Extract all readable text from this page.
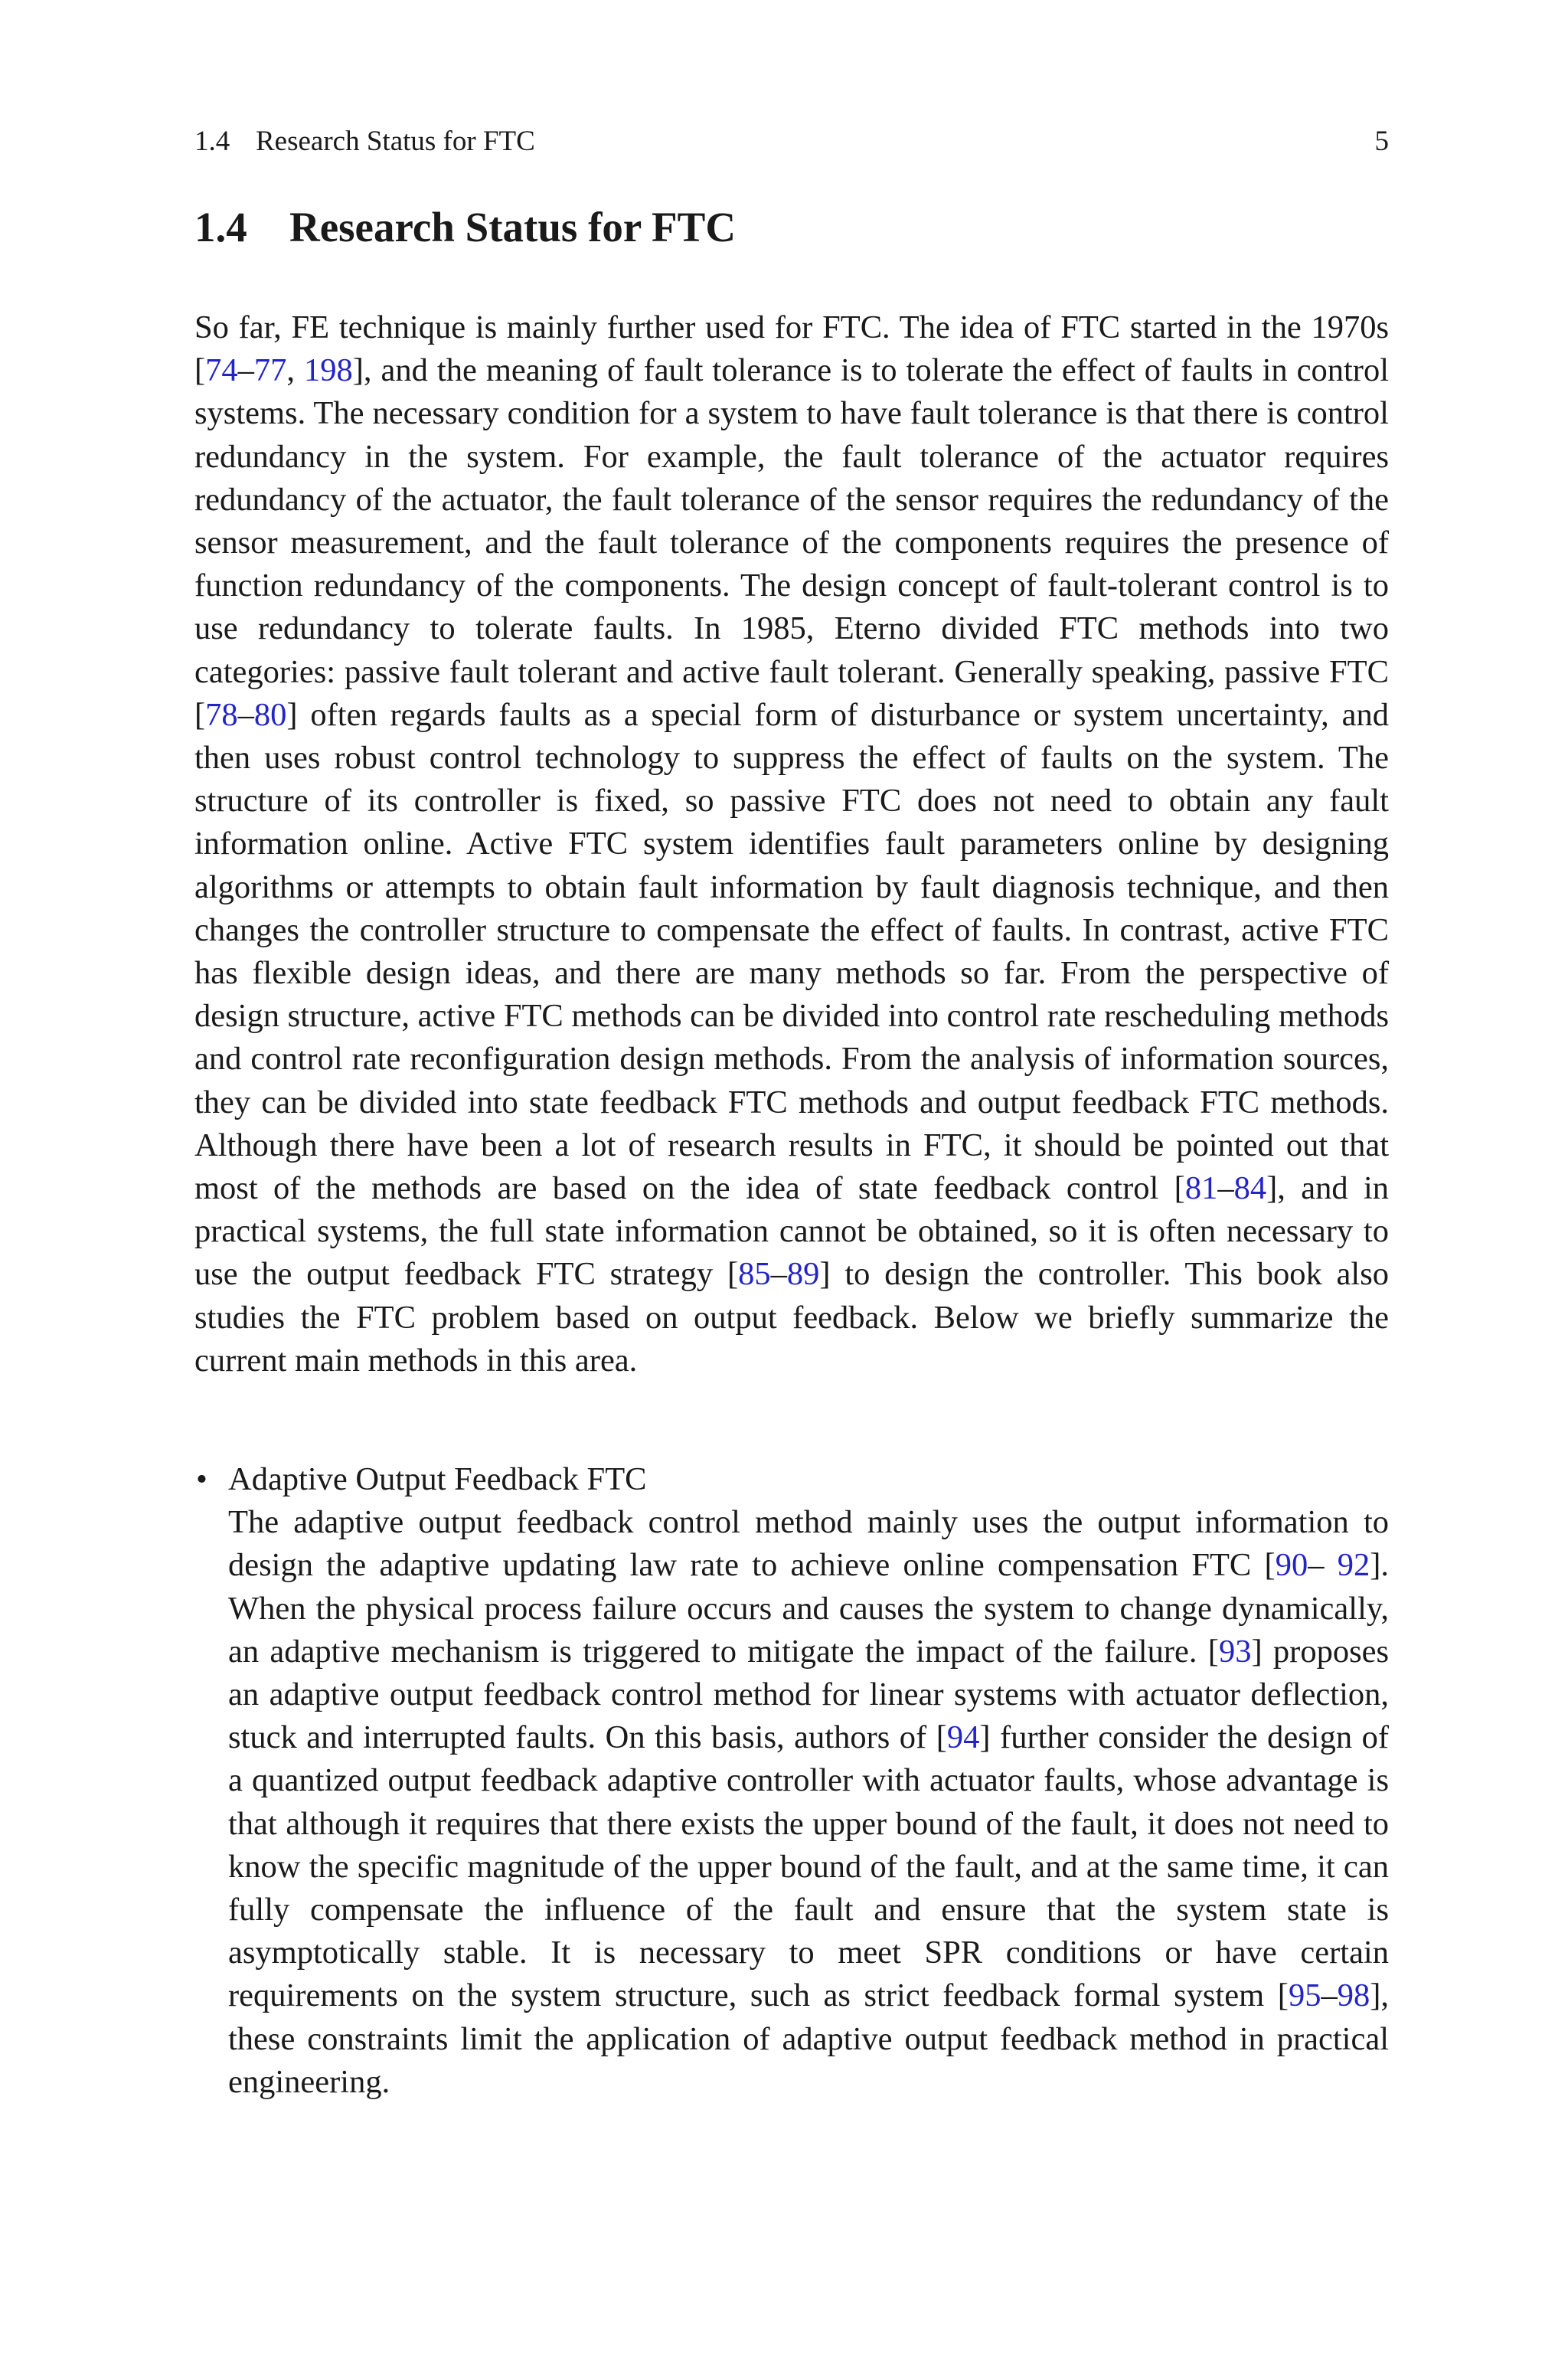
1.4 Research Status for FTC	5
1.4 Research Status for FTC

So far, FE technique is mainly further used for FTC. The idea of FTC started in the 1970s [74–77, 198], and the meaning of fault tolerance is to tolerate the effect of faults in control systems. The necessary condition for a system to have fault tolerance is that there is control redundancy in the system. For example, the fault tolerance of the actuator requires redundancy of the actuator, the fault tolerance of the sensor requires the redundancy of the sensor measurement, and the fault tolerance of the components requires the presence of function redundancy of the components. The design concept of fault-tolerant control is to use redundancy to tolerate faults. In 1985, Eterno divided FTC methods into two categories: passive fault tolerant and active fault tolerant. Generally speaking, passive FTC [78–80] often regards faults as a special form of disturbance or system uncertainty, and then uses robust control technology to suppress the effect of faults on the system. The structure of its controller is fixed, so passive FTC does not need to obtain any fault information online. Active FTC system identifies fault parameters online by designing algorithms or attempts to obtain fault information by fault diagnosis technique, and then changes the controller structure to compensate the effect of faults. In contrast, active FTC has flexible design ideas, and there are many methods so far. From the perspective of design structure, active FTC methods can be divided into control rate rescheduling methods and control rate reconfiguration design methods. From the analysis of information sources, they can be divided into state feedback FTC methods and output feedback FTC methods. Although there have been a lot of research results in FTC, it should be pointed out that most of the methods are based on the idea of state feedback control [81–84], and in practical systems, the full state information cannot be obtained, so it is often necessary to use the output feedback FTC strategy [85–89] to design the controller. This book also studies the FTC problem based on output feedback. Below we briefly summarize the current main methods in this area.

• Adaptive Output Feedback FTC

The adaptive output feedback control method mainly uses the output information to design the adaptive updating law rate to achieve online compensation FTC [90– 92]. When the physical process failure occurs and causes the system to change dynamically, an adaptive mechanism is triggered to mitigate the impact of the failure. [93] proposes an adaptive output feedback control method for linear systems with actuator deflection, stuck and interrupted faults. On this basis, authors of [94] further consider the design of a quantized output feedback adaptive controller with actuator faults, whose advantage is that although it requires that there exists the upper bound of the fault, it does not need to know the specific magnitude of the upper bound of the fault, and at the same time, it can fully compensate the influence of the fault and ensure that the system state is asymptotically stable. It is necessary to meet SPR conditions or have certain requirements on the system structure, such as strict feedback formal system [95–98], these constraints limit the application of adaptive output feedback method in practical engineering.
